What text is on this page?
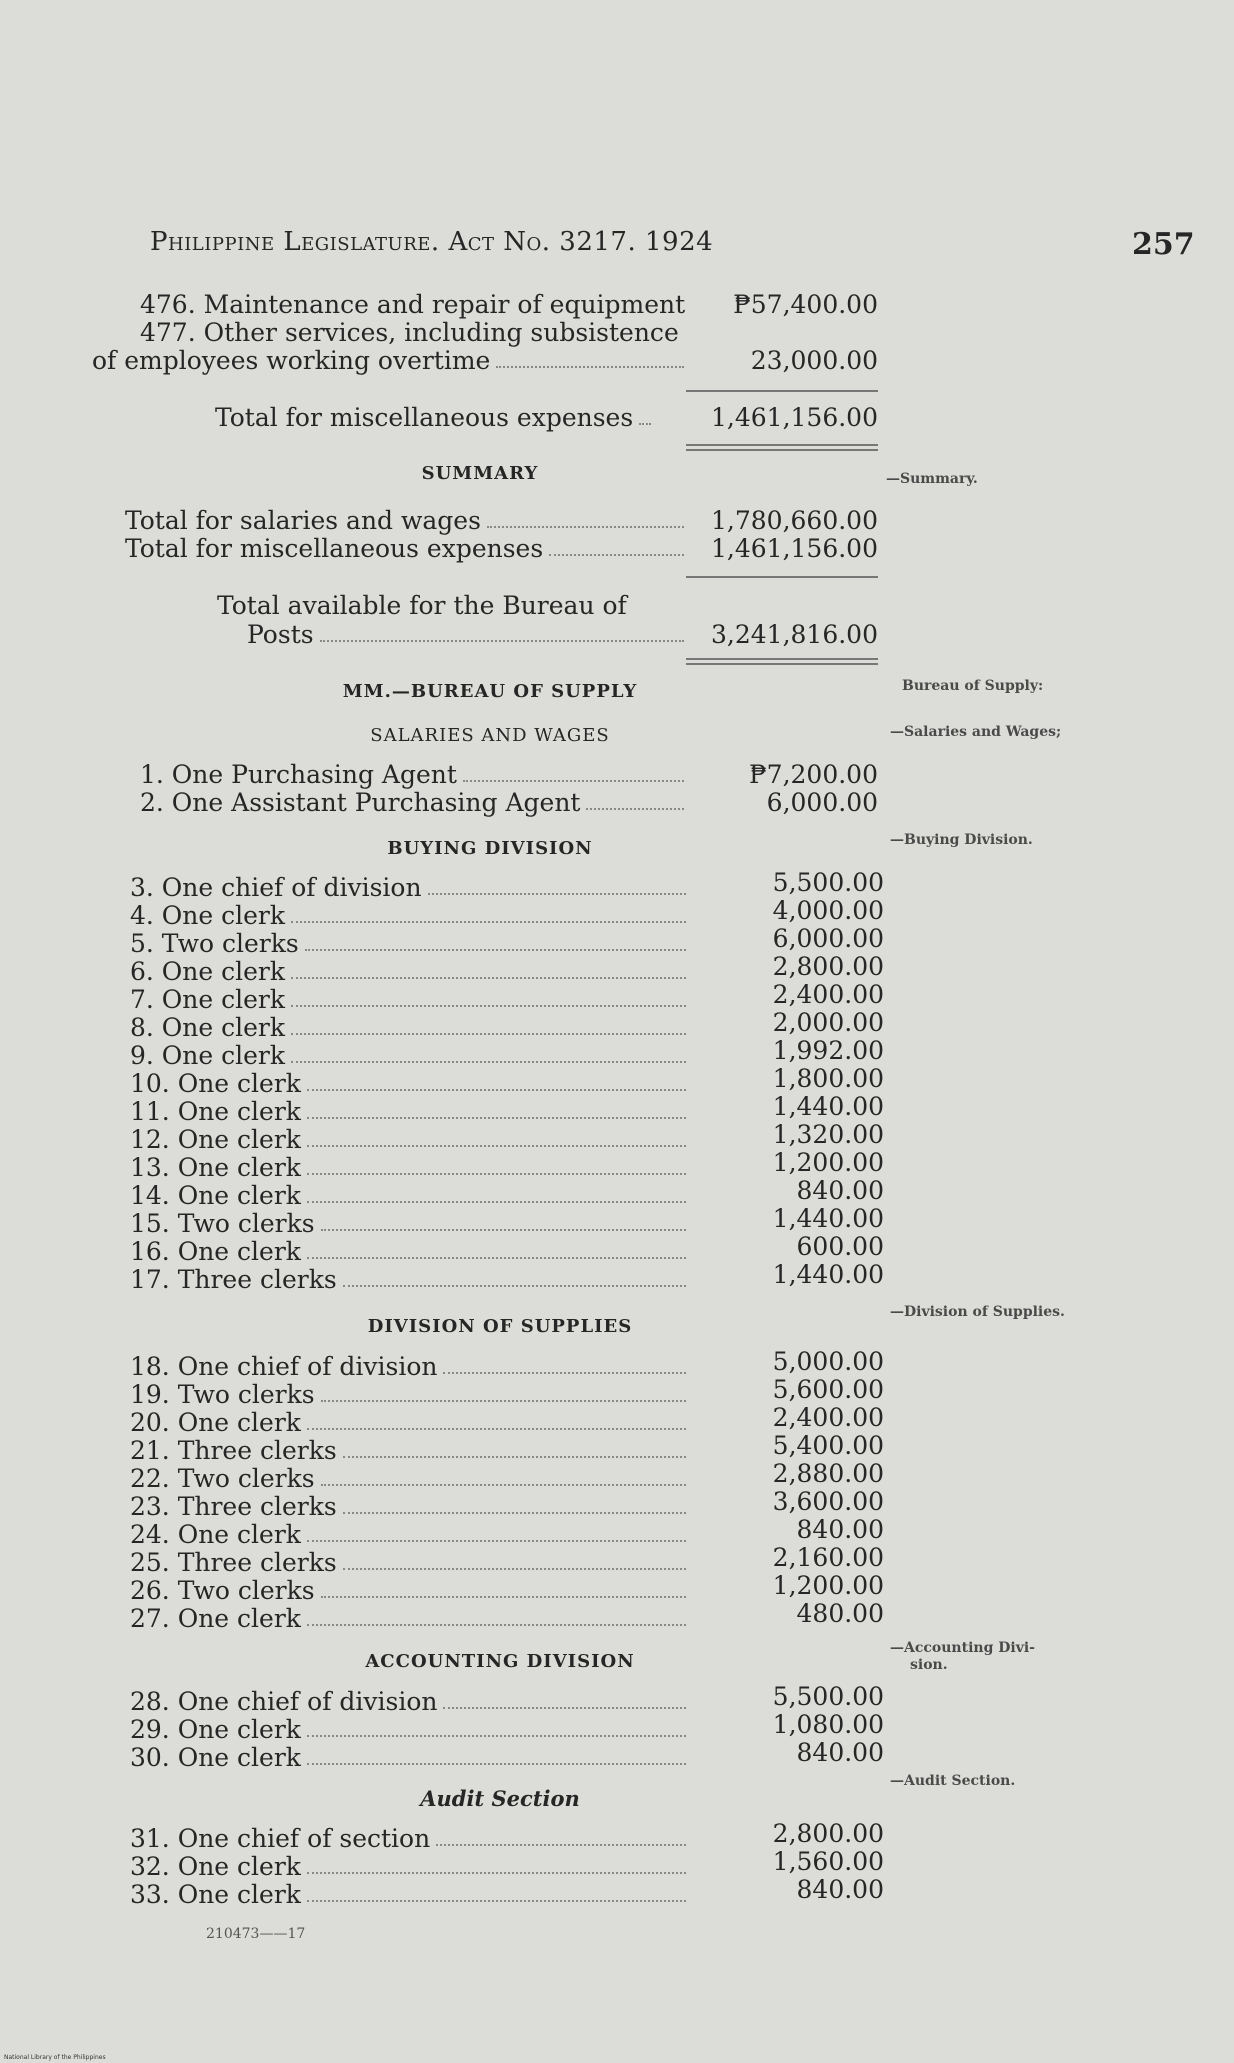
Philippine Legislature. Act No. 3217. 1924	257
476. Maintenance and repair of equipment	₱57,400.00
477. Other services, including subsistence
of employees working overtime	23,000.00
Total for miscellaneous expenses	1,461,156.00
SUMMARY	—Summary.
Total for salaries and wages	1,780,660.00
Total for miscellaneous expenses	1,461,156.00
Total available for the Bureau of
Posts	3,241,816.00
MM.—BUREAU OF SUPPLY	Bureau of Supply:
SALARIES AND WAGES	—Salaries and Wages;
1. One Purchasing Agent	₱7,200.00
2. One Assistant Purchasing Agent	6,000.00
BUYING DIVISION	—Buying Division.
3. One chief of division	5,500.00
4. One clerk	4,000.00
5. Two clerks	6,000.00
6. One clerk	2,800.00
7. One clerk	2,400.00
8. One clerk	2,000.00
9. One clerk	1,992.00
10. One clerk	1,800.00
11. One clerk	1,440.00
12. One clerk	1,320.00
13. One clerk	1,200.00
14. One clerk	840.00
15. Two clerks	1,440.00
16. One clerk	600.00
17. Three clerks	1,440.00
DIVISION OF SUPPLIES
—Division of Supplies.
18. One chief of division	5,000.00
19. Two clerks	5,600.00
20. One clerk	2,400.00
21. Three clerks	5,400.00
22. Two clerks	2,880.00
23. Three clerks	3,600.00
24. One clerk	840.00
25. Three clerks	2,160.00
26. Two clerks	1,200.00
27. One clerk	480.00
ACCOUNTING DIVISION
—Accounting Divi-
sion.
28. One chief of division	5,500.00
29. One clerk	1,080.00
30. One clerk	840.00
Audit Section
—Audit Section.
31. One chief of section	2,800.00
32. One clerk	1,560.00
33. One clerk	840.00
210473——17
National Library of the Philippines
